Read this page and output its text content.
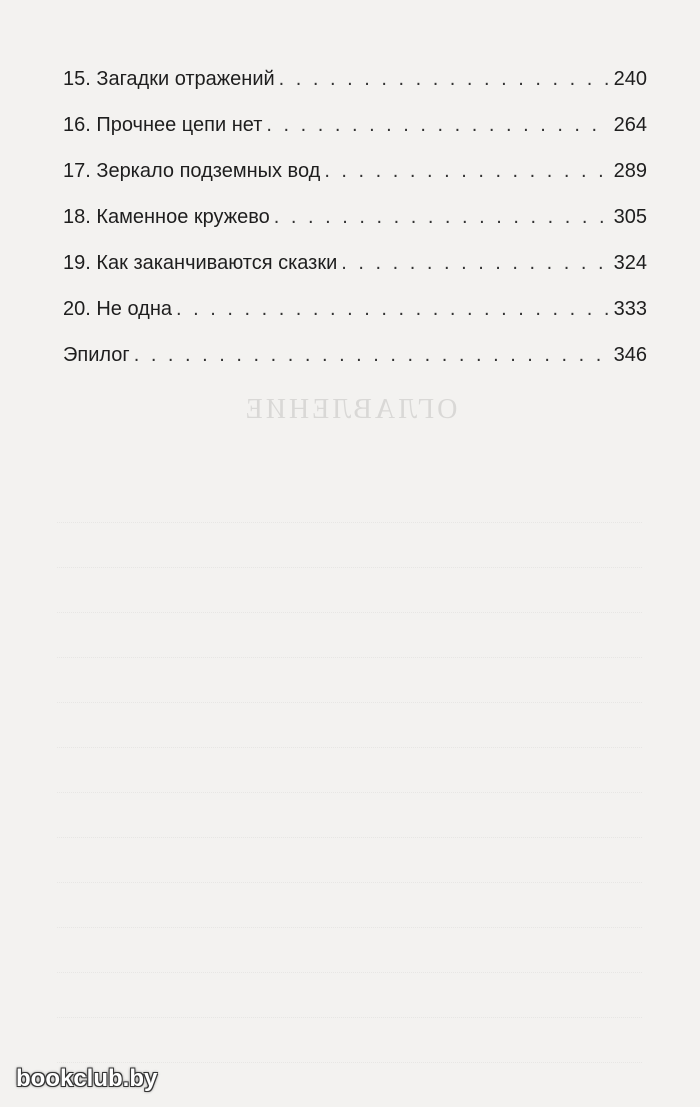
ОГЛАВЛЕНИЕ
15. Загадки отражений . . .	240
16. Прочнее цепи нет . . .	264
17. Зеркало подземных вод . . .	289
18. Каменное кружево . . .	305
19. Как заканчиваются сказки . . .	324
20. Не одна . . .	333
Эпилог . . .	346
bookclub.by
